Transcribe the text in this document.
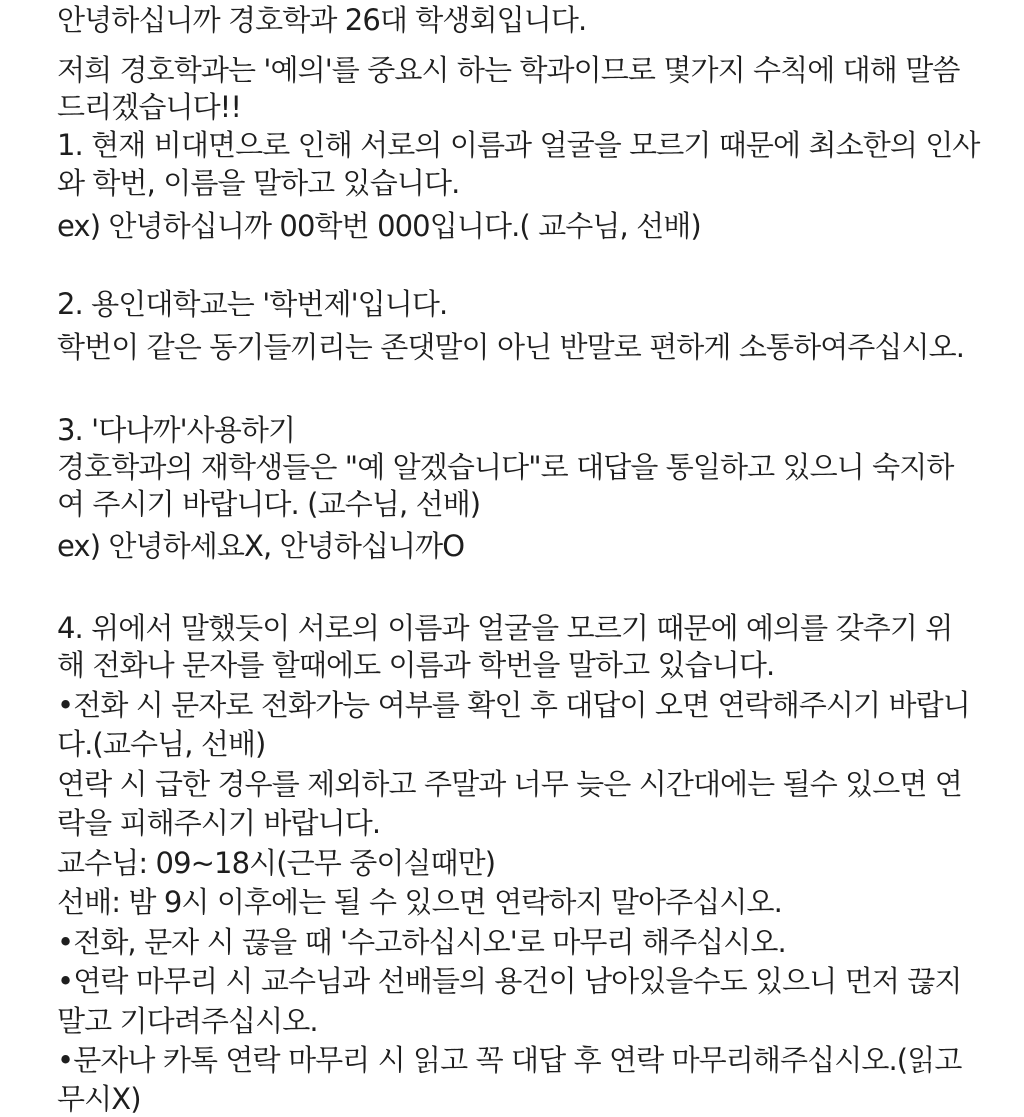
안녕하십니까 경호학과 26대 학생회입니다.
저희 경호학과는 '예의'를 중요시 하는 학과이므로 몇가지 수칙에 대해 말씀
드리겠습니다!!
1. 현재 비대면으로 인해 서로의 이름과 얼굴을 모르기 때문에 최소한의 인사
와 학번, 이름을 말하고 있습니다.
ex) 안녕하십니까 00학번 000입니다.( 교수님, 선배)
2. 용인대학교는 '학번제'입니다.
학번이 같은 동기들끼리는 존댓말이 아닌 반말로 편하게 소통하여주십시오.
3. '다나까'사용하기
경호학과의 재학생들은 "예 알겠습니다"로 대답을 통일하고 있으니 숙지하
여 주시기 바랍니다. (교수님, 선배)
ex) 안녕하세요X, 안녕하십니까O
4. 위에서 말했듯이 서로의 이름과 얼굴을 모르기 때문에 예의를 갖추기 위
해 전화나 문자를 할때에도 이름과 학번을 말하고 있습니다.
•전화 시 문자로 전화가능 여부를 확인 후 대답이 오면 연락해주시기 바랍니
다.(교수님, 선배)
연락 시 급한 경우를 제외하고 주말과 너무 늦은 시간대에는 될수 있으면 연
락을 피해주시기 바랍니다.
교수님: 09~18시(근무 중이실때만)
선배: 밤 9시 이후에는 될 수 있으면 연락하지 말아주십시오.
•전화, 문자 시 끊을 때 '수고하십시오'로 마무리 해주십시오.
•연락 마무리 시 교수님과 선배들의 용건이 남아있을수도 있으니 먼저 끊지
말고 기다려주십시오.
•문자나 카톡 연락 마무리 시 읽고 꼭 대답 후 연락 마무리해주십시오.(읽고
무시X)
